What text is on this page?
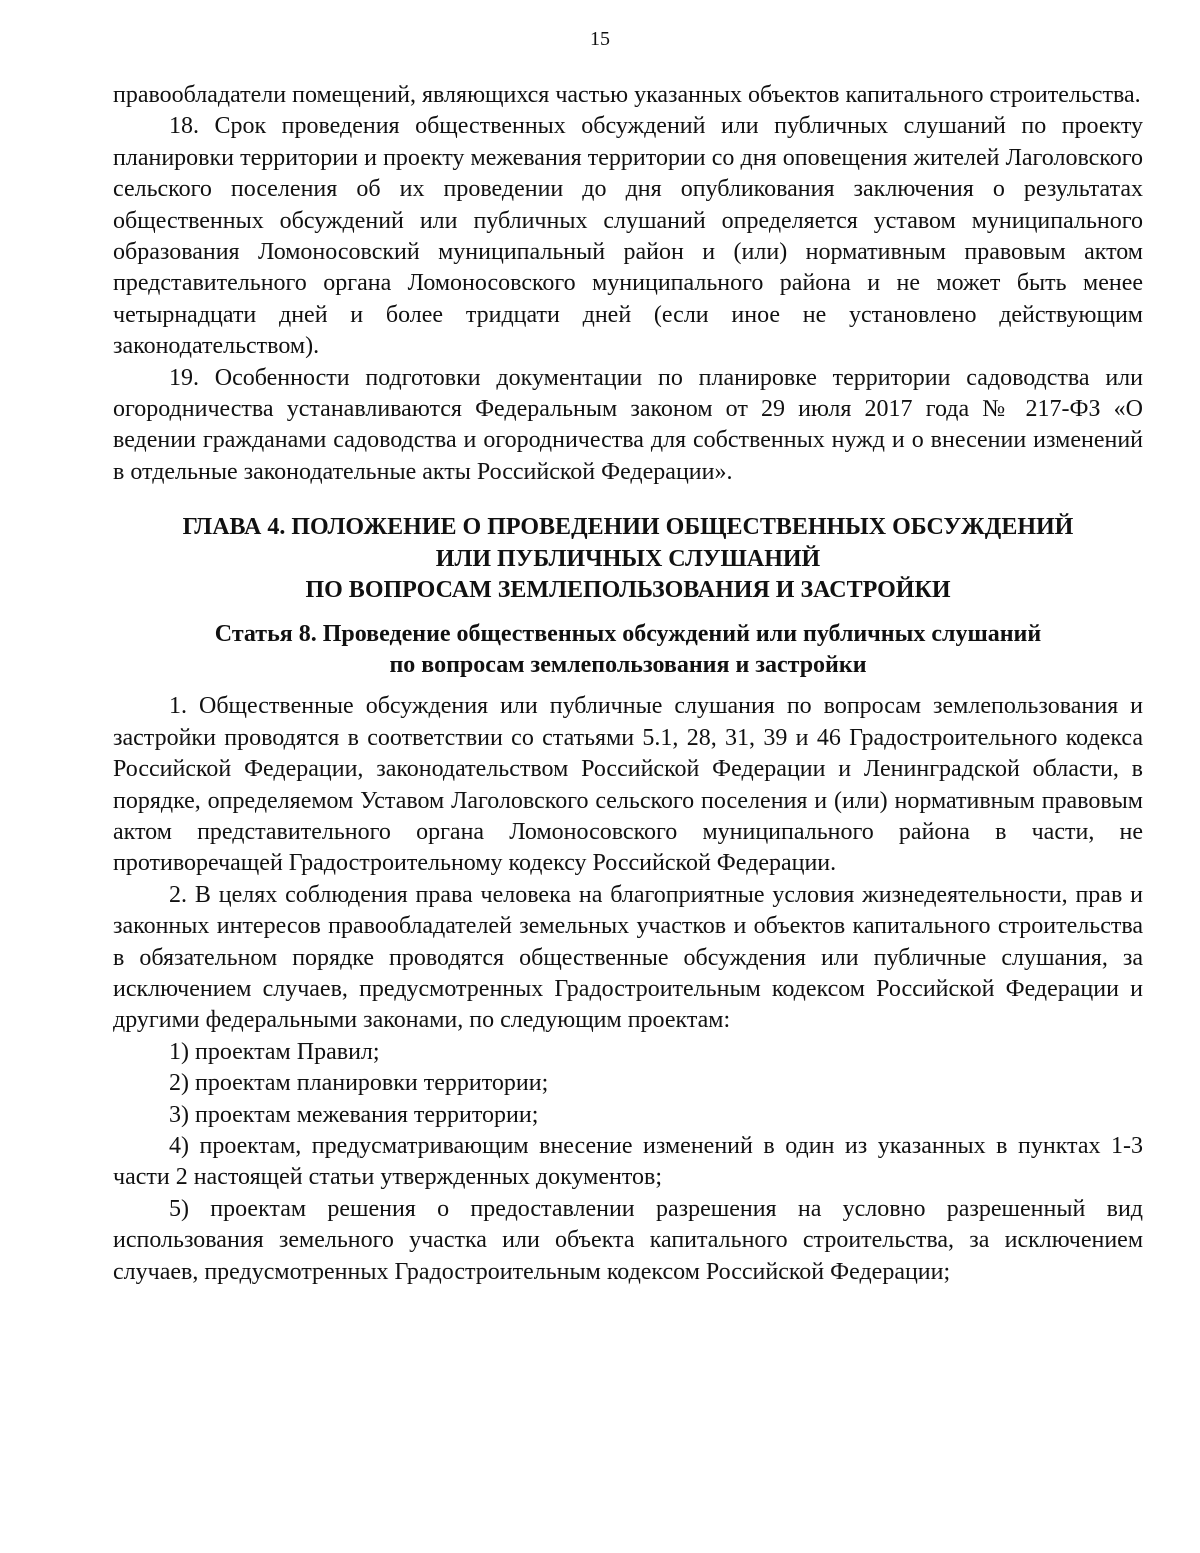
15

правообладатели помещений, являющихся частью указанных объектов капитального строительства.

18. Срок проведения общественных обсуждений или публичных слушаний по проекту планировки территории и проекту межевания территории со дня оповещения жителей Лаголовского сельского поселения об их проведении до дня опубликования заключения о результатах общественных обсуждений или публичных слушаний определяется уставом муниципального образования Ломоносовский муниципальный район и (или) нормативным правовым актом представительного органа Ломоносовского муниципального района и не может быть менее четырнадцати дней и более тридцати дней (если иное не установлено действующим законодательством).

19. Особенности подготовки документации по планировке территории садоводства или огородничества устанавливаются Федеральным законом от 29 июля 2017 года № 217-ФЗ «О ведении гражданами садоводства и огородничества для собственных нужд и о внесении изменений в отдельные законодательные акты Российской Федерации».

ГЛАВА 4. ПОЛОЖЕНИЕ О ПРОВЕДЕНИИ ОБЩЕСТВЕННЫХ ОБСУЖДЕНИЙ
ИЛИ ПУБЛИЧНЫХ СЛУШАНИЙ
ПО ВОПРОСАМ ЗЕМЛЕПОЛЬЗОВАНИЯ И ЗАСТРОЙКИ
Статья 8. Проведение общественных обсуждений или публичных слушаний
по вопросам землепользования и застройки

1. Общественные обсуждения или публичные слушания по вопросам землепользования и застройки проводятся в соответствии со статьями 5.1, 28, 31, 39 и 46 Градостроительного кодекса Российской Федерации, законодательством Российской Федерации и Ленинградской области, в порядке, определяемом Уставом Лаголовского сельского поселения и (или) нормативным правовым актом представительного органа Ломоносовского муниципального района в части, не противоречащей Градостроительному кодексу Российской Федерации.

2. В целях соблюдения права человека на благоприятные условия жизнедеятельности, прав и законных интересов правообладателей земельных участков и объектов капитального строительства в обязательном порядке проводятся общественные обсуждения или публичные слушания, за исключением случаев, предусмотренных Градостроительным кодексом Российской Федерации и другими федеральными законами, по следующим проектам:

1) проектам Правил;

2) проектам планировки территории;

3) проектам межевания территории;

4) проектам, предусматривающим внесение изменений в один из указанных в пунктах 1-3 части 2 настоящей статьи утвержденных документов;

5) проектам решения о предоставлении разрешения на условно разрешенный вид использования земельного участка или объекта капитального строительства, за исключением случаев, предусмотренных Градостроительным кодексом Российской Федерации;
